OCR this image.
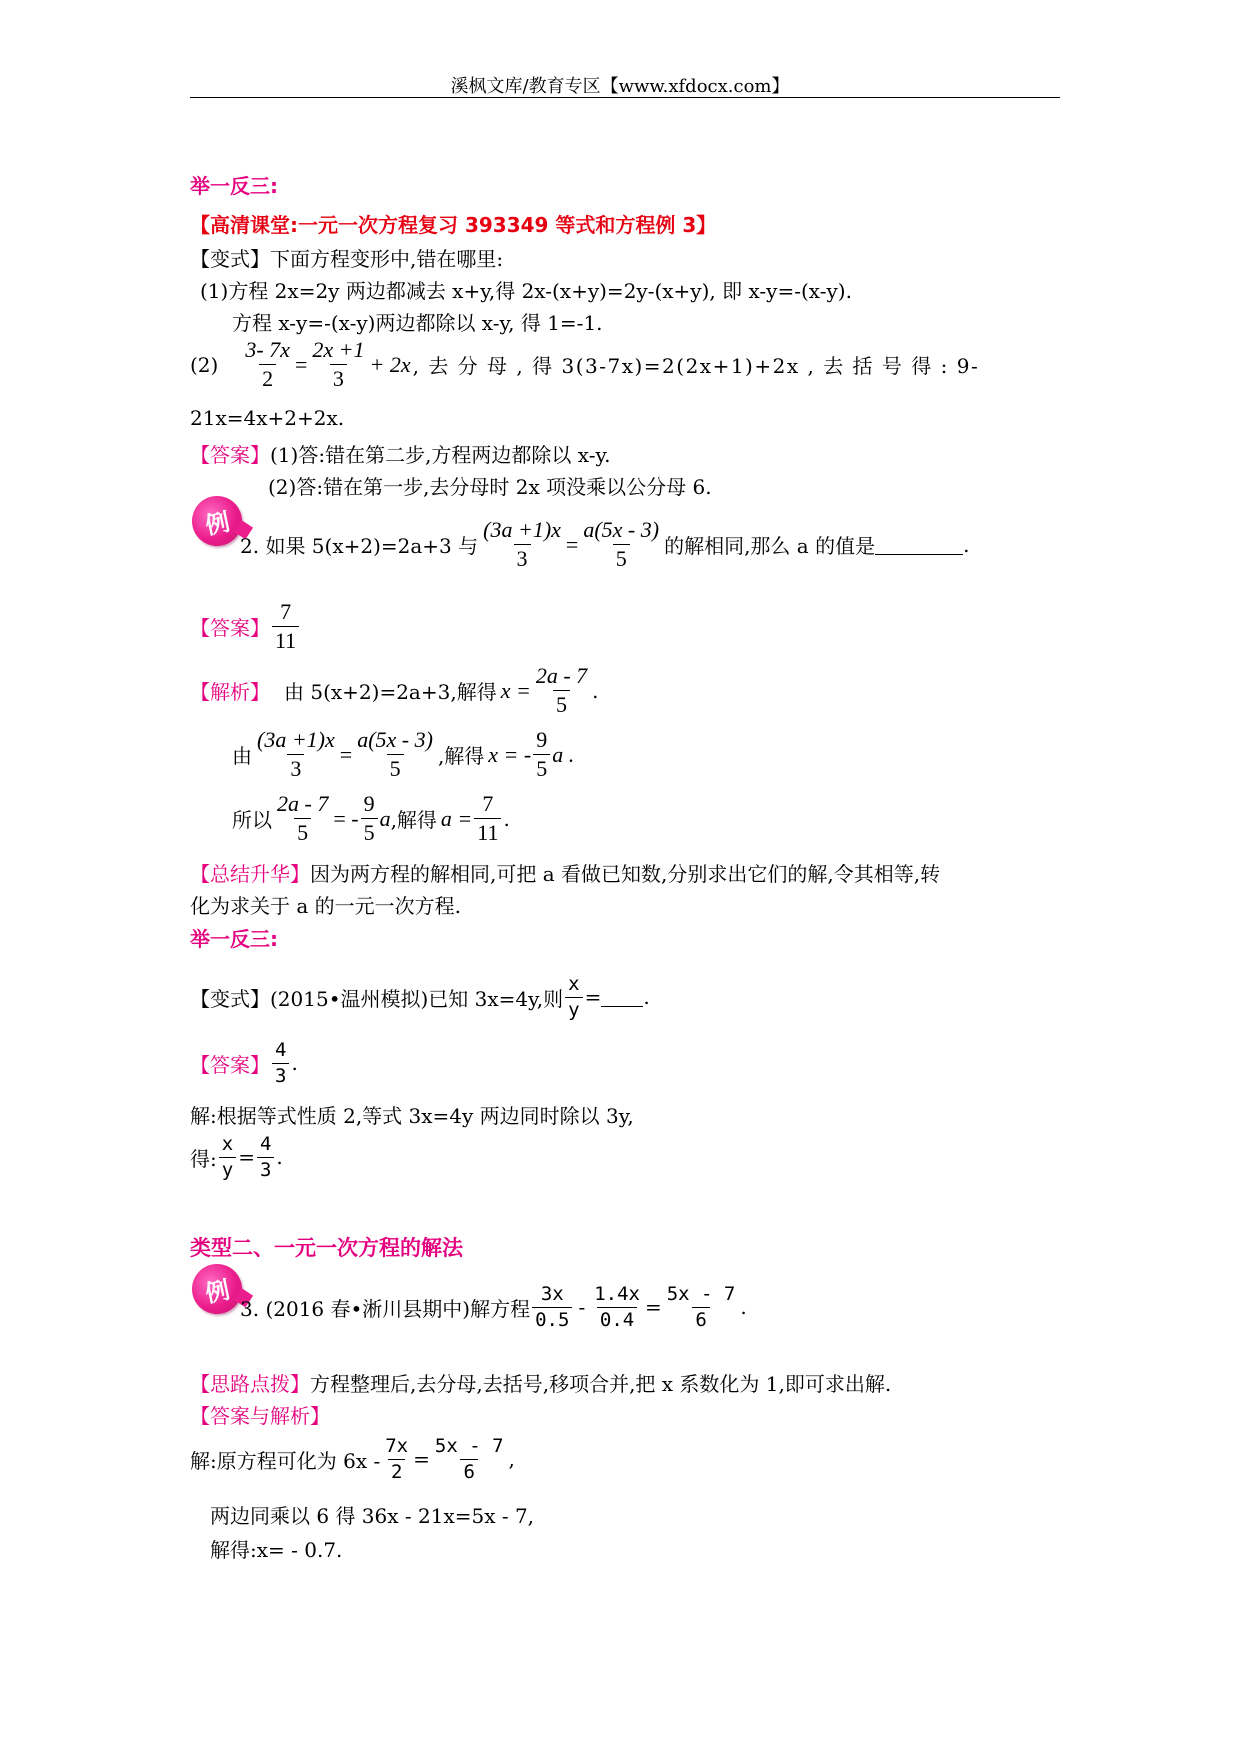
溪枫文库/教育专区【www.xfdocx.com】
举一反三:
【高清课堂:一元一次方程复习 393349 等式和方程例 3】
【变式】下面方程变形中,错在哪里:
(1)方程 2x=2y 两边都减去 x+y,得 2x-(x+y)=2y-(x+y), 即 x-y=-(x-y).
方程 x-y=-(x-y)两边都除以 x-y, 得 1=-1.
$(2) \frac{3- 7x}{2} = \frac{2x +1}{3} + 2x$ , 去 分 母 , 得 3(3-7x)=2(2x+1)+2x , 去 括 号 得 : 9-
21x=4x+2+2x.
【答案】(1)答:错在第二步,方程两边都除以 x-y.
(2)答:错在第一步,去分母时 2x 项没乘以公分母 6.
例
2. 如果 5(x+2)=2a+3 与 $\frac{(3a +1)x}{3} = \frac{a(5x - 3)}{5}$ 的解相同,那么 a 的值是	.
【答案】 $\frac{7}{11}$
【解析】 由 5(x+2)=2a+3,解得 $x = \frac{2a - 7}{5}$ .
由 $\frac{(3a +1)x}{3} = \frac{a(5x - 3)}{5}$ ,解得 x = - $\frac{9}{5}$ a .
所以 $\frac{2a - 7}{5}$ = - $\frac{9}{5}$ a ,解得 $a = \frac{7}{11}$ .
【总结升华】因为两方程的解相同,可把 a 看做已知数,分别求出它们的解,令其相等,转
化为求关于 a 的一元一次方程.
举一反三:
【变式】 (2015•温州模拟)已知 3x=4y,则 $\frac{x}{y}$ = .
【答案】 $\frac{4}{3}$ .
解:根据等式性质 2,等式 3x=4y 两边同时除以 3y,
得: $\frac{x}{y} = \frac{4}{3}$ .
类型二、一元一次方程的解法
例
3. (2016 春•淅川县期中)解方程 $\frac{3x}{0.5} - \frac{1.4x}{0.4} = \frac{5x - 7}{6}$ .
【思路点拨】方程整理后,去分母,去括号,移项合并,把 x 系数化为 1,即可求出解.
【答案与解析】
解:原方程可化为 $6x - \frac{7x}{2} = \frac{5x - 7}{6}$ ,
两边同乘以 6 得 36x - 21x=5x - 7,
解得:x= - 0.7.
